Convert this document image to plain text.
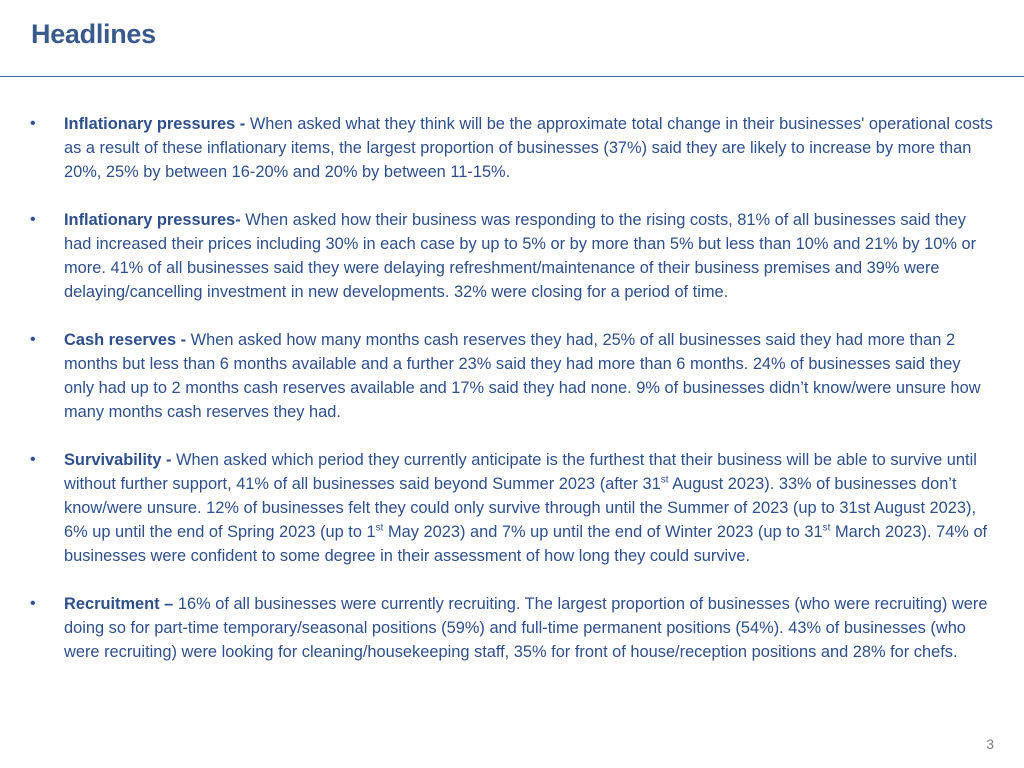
Headlines
• Inflationary pressures - When asked what they think will be the approximate total change in their businesses' operational costs as a result of these inflationary items, the largest proportion of businesses (37%) said they are likely to increase by more than 20%, 25% by between 16-20% and 20% by between 11-15%.
• Inflationary pressures- When asked how their business was responding to the rising costs, 81% of all businesses said they had increased their prices including 30% in each case by up to 5% or by more than 5% but less than 10% and 21% by 10% or more. 41% of all businesses said they were delaying refreshment/maintenance of their business premises and 39% were delaying/cancelling investment in new developments. 32% were closing for a period of time.
• Cash reserves - When asked how many months cash reserves they had, 25% of all businesses said they had more than 2 months but less than 6 months available and a further 23% said they had more than 6 months. 24% of businesses said they only had up to 2 months cash reserves available and 17% said they had none. 9% of businesses didn’t know/were unsure how many months cash reserves they had.
• Survivability - When asked which period they currently anticipate is the furthest that their business will be able to survive until without further support, 41% of all businesses said beyond Summer 2023 (after 31st August 2023). 33% of businesses don’t know/were unsure. 12% of businesses felt they could only survive through until the Summer of 2023 (up to 31st August 2023), 6% up until the end of Spring 2023 (up to 1st May 2023) and 7% up until the end of Winter 2023 (up to 31st March 2023). 74% of businesses were confident to some degree in their assessment of how long they could survive.
• Recruitment – 16% of all businesses were currently recruiting. The largest proportion of businesses (who were recruiting) were doing so for part-time temporary/seasonal positions (59%) and full-time permanent positions (54%). 43% of businesses (who were recruiting) were looking for cleaning/housekeeping staff, 35% for front of house/reception positions and 28% for chefs.
3
